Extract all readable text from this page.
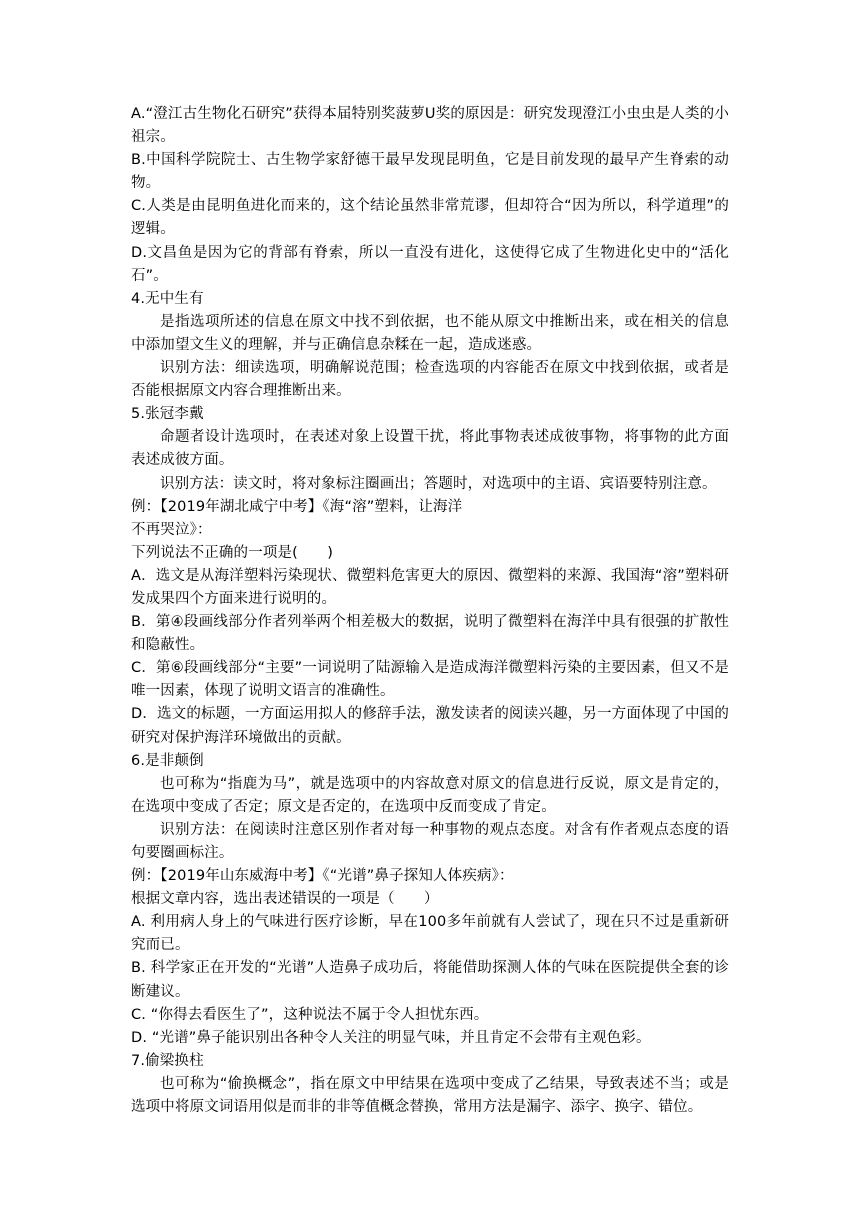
A.“澄江古生物化石研究”获得本届特别奖菠萝U奖的原因是：研究发现澄江小虫虫是人类的小祖宗。

B.中国科学院院士、古生物学家舒德干最早发现昆明鱼，它是目前发现的最早产生脊索的动物。

C.人类是由昆明鱼进化而来的，这个结论虽然非常荒谬，但却符合“因为所以，科学道理”的逻辑。

D.文昌鱼是因为它的背部有脊索，所以一直没有进化，这使得它成了生物进化史中的“活化石”。

4.无中生有

是指选项所述的信息在原文中找不到依据，也不能从原文中推断出来，或在相关的信息中添加望文生义的理解，并与正确信息杂糅在一起，造成迷惑。

识别方法：细读选项，明确解说范围；检查选项的内容能否在原文中找到依据，或者是否能根据原文内容合理推断出来。

5.张冠李戴

命题者设计选项时，在表述对象上设置干扰，将此事物表述成彼事物，将事物的此方面表述成彼方面。

识别方法：读文时，将对象标注圈画出；答题时，对选项中的主语、宾语要特别注意。

例：【2019年湖北咸宁中考】《海“溶”塑料，让海洋

不再哭泣》：

下列说法不正确的一项是(　　)

A．选文是从海洋塑料污染现状、微塑料危害更大的原因、微塑料的来源、我国海“溶”塑料研发成果四个方面来进行说明的。

B．第④段画线部分作者列举两个相差极大的数据，说明了微塑料在海洋中具有很强的扩散性和隐蔽性。

C．第⑥段画线部分“主要”一词说明了陆源输入是造成海洋微塑料污染的主要因素，但又不是唯一因素，体现了说明文语言的准确性。

D．选文的标题，一方面运用拟人的修辞手法，激发读者的阅读兴趣，另一方面体现了中国的研究对保护海洋环境做出的贡献。

6.是非颠倒

也可称为“指鹿为马”，就是选项中的内容故意对原文的信息进行反说，原文是肯定的，在选项中变成了否定；原文是否定的，在选项中反而变成了肯定。

识别方法：在阅读时注意区别作者对每一种事物的观点态度。对含有作者观点态度的语句要圈画标注。

例：【2019年山东威海中考】《“光谱”鼻子探知人体疾病》：

根据文章内容，选出表述错误的一项是（　　）

A. 利用病人身上的气味进行医疗诊断，早在100多年前就有人尝试了，现在只不过是重新研究而已。

B. 科学家正在开发的“光谱”人造鼻子成功后，将能借助探测人体的气味在医院提供全套的诊断建议。

C. “你得去看医生了”，这种说法不属于令人担忧东西。

D. “光谱”鼻子能识别出各种令人关注的明显气味，并且肯定不会带有主观色彩。

7.偷梁换柱

也可称为“偷换概念”，指在原文中甲结果在选项中变成了乙结果，导致表述不当；或是选项中将原文词语用似是而非的非等值概念替换，常用方法是漏字、添字、换字、错位。
